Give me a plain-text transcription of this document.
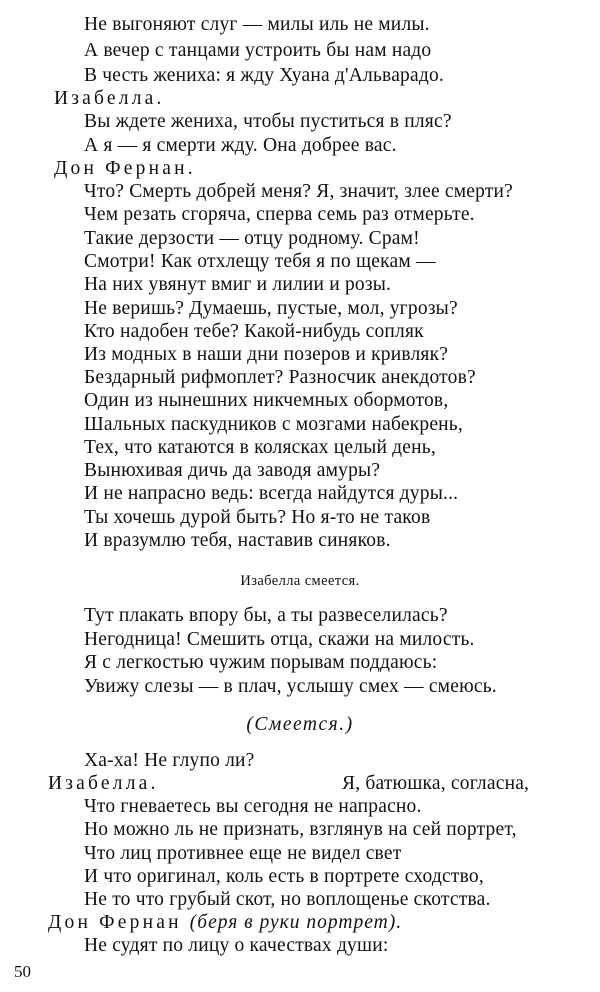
Не выгоняют слуг — милы иль не милы.
А вечер с танцами устроить бы нам надо
В честь жениха: я жду Хуана д'Альварадо.
Изабелла.
Вы ждете жениха, чтобы пуститься в пляс?
А я — я смерти жду. Она добрее вас.
Дон Фернан.
Что? Смерть добрей меня? Я, значит, злее смерти?
Чем резать сгоряча, сперва семь раз отмерьте.
Такие дерзости — отцу родному. Срам!
Смотри! Как отхлещу тебя я по щекам —
На них увянут вмиг и лилии и розы.
Не веришь? Думаешь, пустые, мол, угрозы?
Кто надобен тебе? Какой-нибудь сопляк
Из модных в наши дни позеров и кривляк?
Бездарный рифмоплет? Разносчик анекдотов?
Один из нынешних никчемных обормотов,
Шальных паскудников с мозгами набекрень,
Тех, что катаются в колясках целый день,
Вынюхивая дичь да заводя амуры?
И не напрасно ведь: всегда найдутся дуры...
Ты хочешь дурой быть? Но я-то не таков
И вразумлю тебя, наставив синяков.
Изабелла смеется.
Тут плакать впору бы, а ты развеселилась?
Негодница! Смешить отца, скажи на милость.
Я с легкостью чужим порывам поддаюсь:
Увижу слезы — в плач, услышу смех — смеюсь.
(Смеется.)
Ха-ха! Не глупо ли?
Изабелла.	Я, батюшка, согласна,
Что гневаетесь вы сегодня не напрасно.
Но можно ль не признать, взглянув на сей портрет,
Что лиц противнее еще не видел свет
И что оригинал, коль есть в портрете сходство,
Не то что грубый скот, но воплощенье скотства.
Дон Фернан (беря в руки портрет).
Не судят по лицу о качествах души:
50
